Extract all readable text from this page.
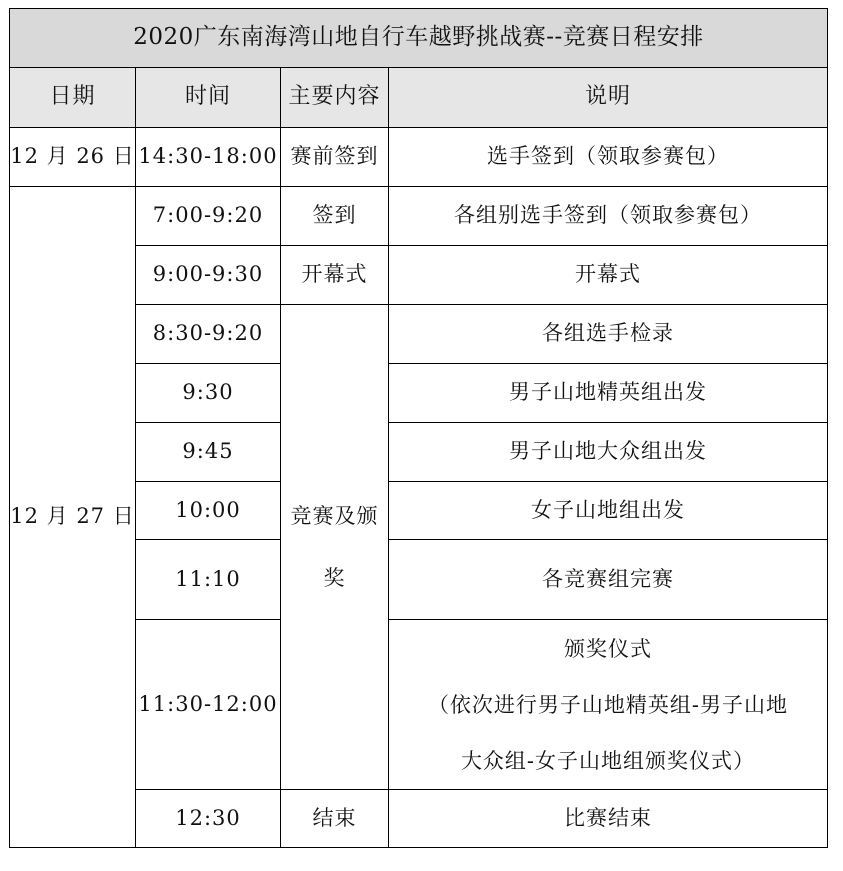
2020广东南海湾山地自行车越野挑战赛--竞赛日程安排			
日期	时间	主要内容	说明
12 月 26 日	14:30-18:00	赛前签到	选手签到（领取参赛包）
12 月 27 日	7:00-9:20	签到	各组别选手签到（领取参赛包）
	9:00-9:30	开幕式	开幕式
	8:30-9:20	竞赛及颁奖	各组选手检录
	9:30		男子山地精英组出发
	9:45		男子山地大众组出发
	10:00		女子山地组出发
	11:10		各竞赛组完赛
	11:30-12:00		颁奖仪式
（依次进行男子山地精英组-男子山地
大众组-女子山地组颁奖仪式）

	12:30	结束	比赛结束
